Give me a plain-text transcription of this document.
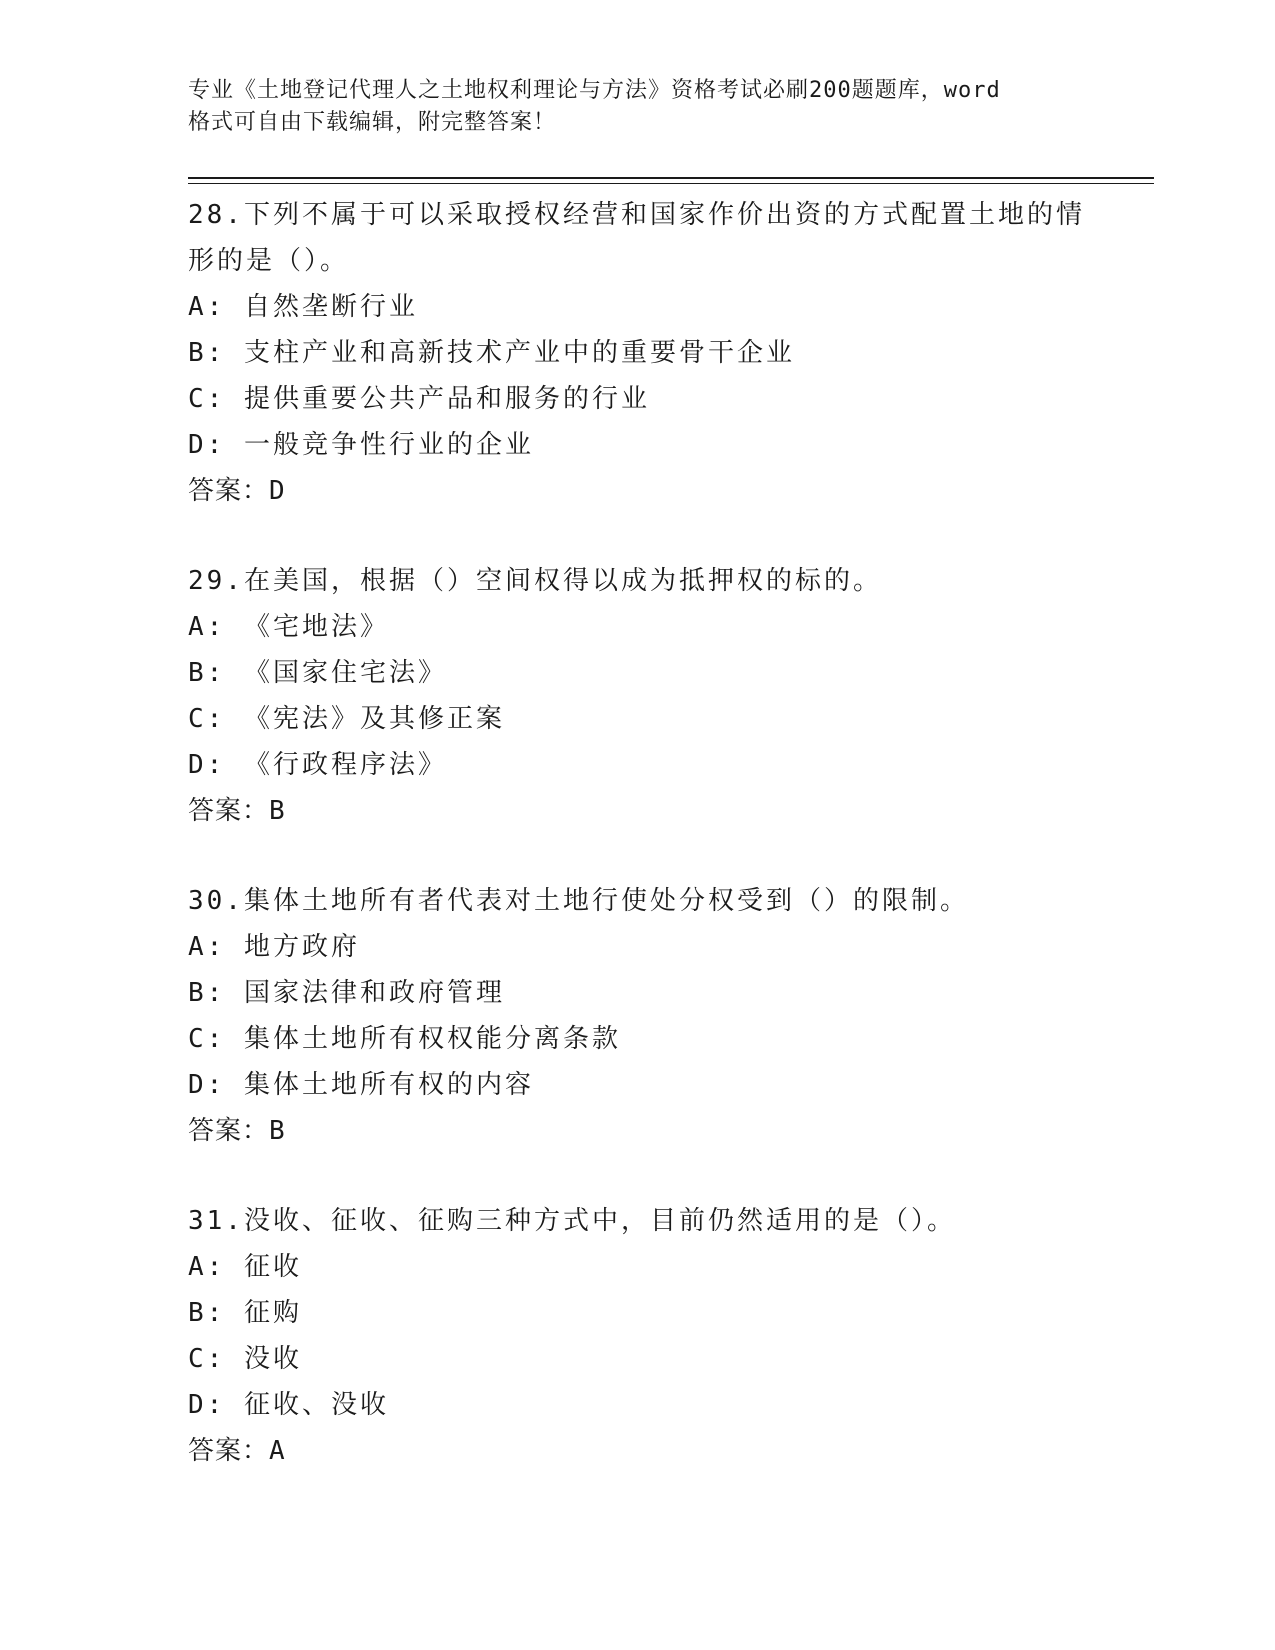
专业《土地登记代理人之土地权利理论与方法》资格考试必刷200题题库，word
格式可自由下载编辑，附完整答案！

28.下列不属于可以采取授权经营和国家作价出资的方式配置土地的情
形的是（）。

A: 自然垄断行业

B: 支柱产业和高新技术产业中的重要骨干企业

C: 提供重要公共产品和服务的行业

D: 一般竞争性行业的企业

答案：D

29.在美国，根据（）空间权得以成为抵押权的标的。

A: 《宅地法》

B: 《国家住宅法》

C: 《宪法》及其修正案

D: 《行政程序法》

答案：B

30.集体土地所有者代表对土地行使处分权受到（）的限制。

A: 地方政府

B: 国家法律和政府管理

C: 集体土地所有权权能分离条款

D: 集体土地所有权的内容

答案：B

31.没收、征收、征购三种方式中，目前仍然适用的是（）。

A: 征收

B: 征购

C: 没收

D: 征收、没收

答案：A
